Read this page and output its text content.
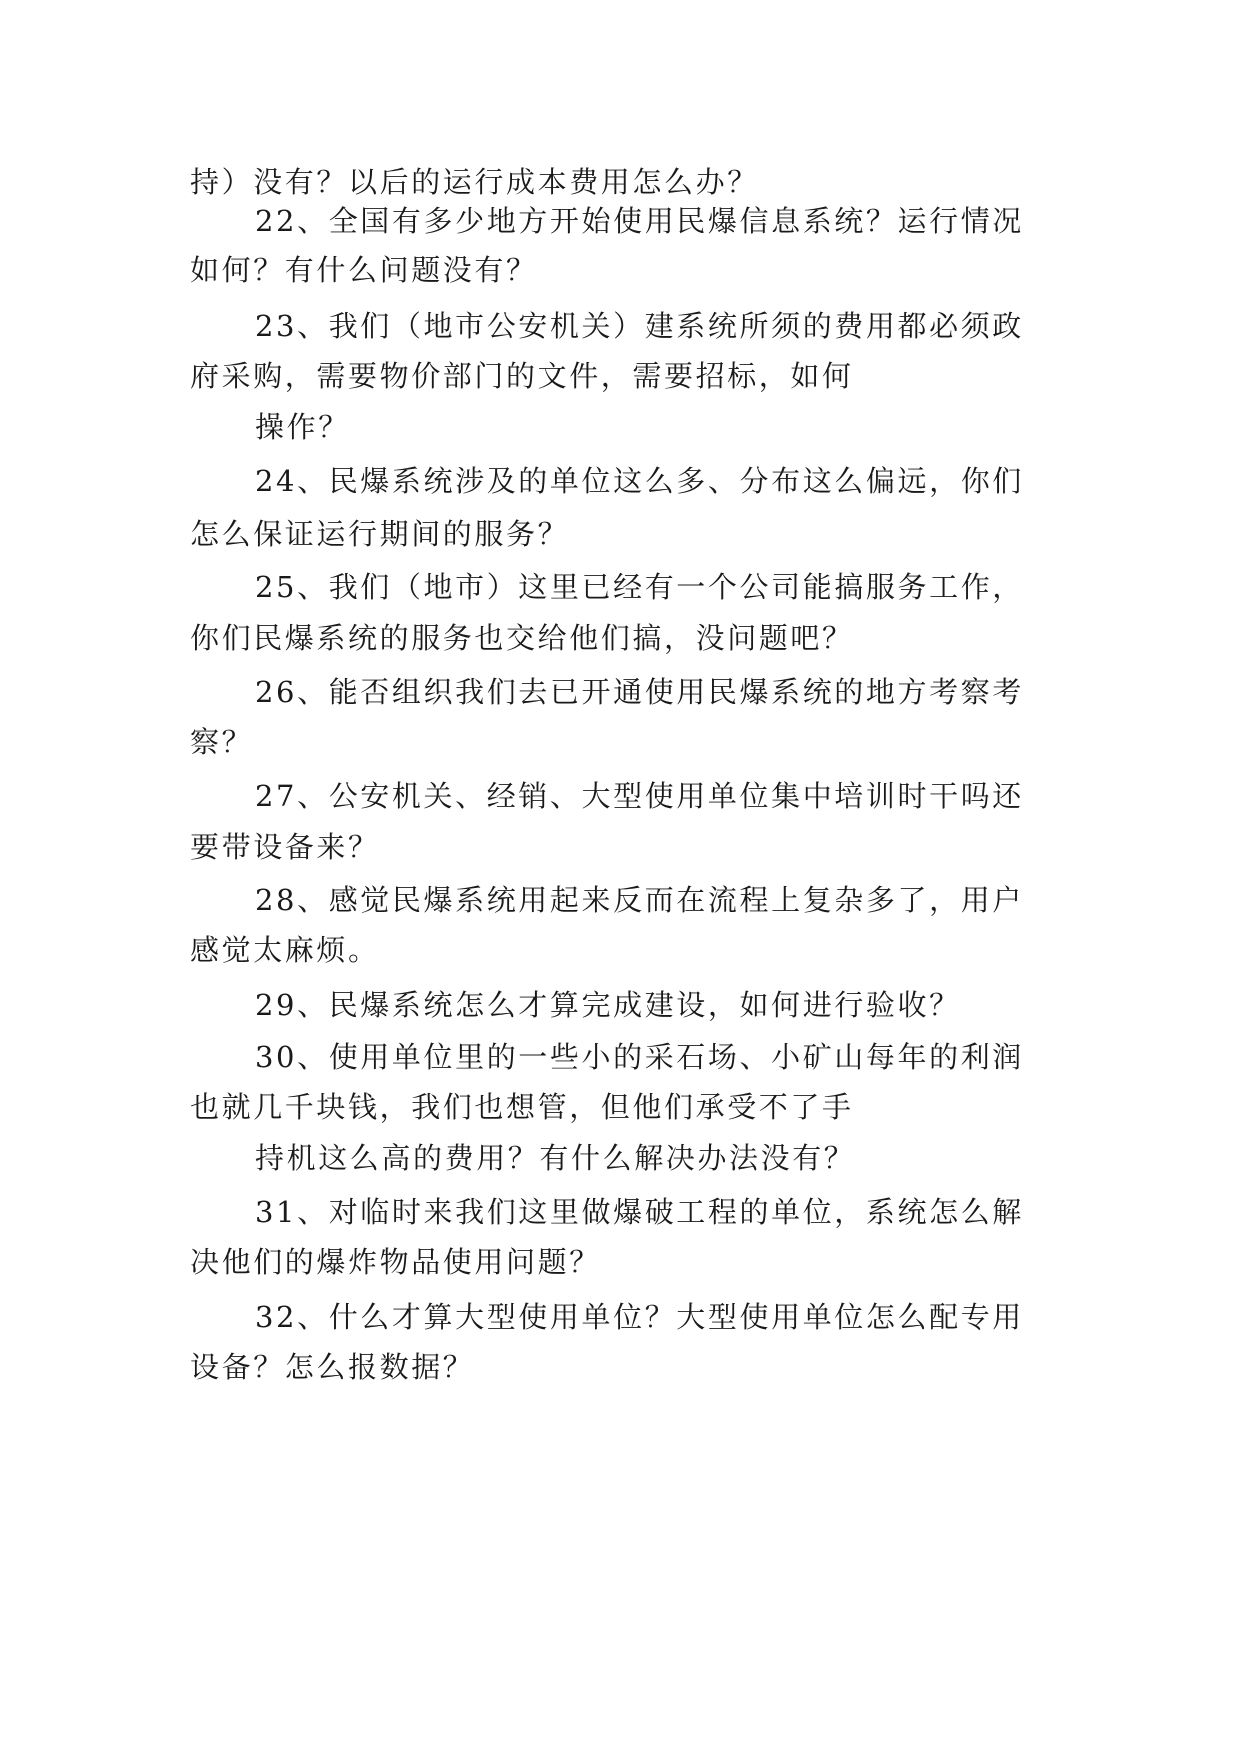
持）没有？以后的运行成本费用怎么办？
22、全国有多少地方开始使用民爆信息系统？运行情况
如何？有什么问题没有？
23、我们（地市公安机关）建系统所须的费用都必须政
府采购，需要物价部门的文件，需要招标，如何
操作？
24、民爆系统涉及的单位这么多、分布这么偏远，你们
怎么保证运行期间的服务？
25、我们（地市）这里已经有一个公司能搞服务工作，
你们民爆系统的服务也交给他们搞，没问题吧？
26、能否组织我们去已开通使用民爆系统的地方考察考
察？
27、公安机关、经销、大型使用单位集中培训时干吗还
要带设备来？
28、感觉民爆系统用起来反而在流程上复杂多了，用户
感觉太麻烦。
29、民爆系统怎么才算完成建设，如何进行验收？
30、使用单位里的一些小的采石场、小矿山每年的利润
也就几千块钱，我们也想管，但他们承受不了手
持机这么高的费用？有什么解决办法没有？
31、对临时来我们这里做爆破工程的单位，系统怎么解
决他们的爆炸物品使用问题？
32、什么才算大型使用单位？大型使用单位怎么配专用
设备？怎么报数据？
